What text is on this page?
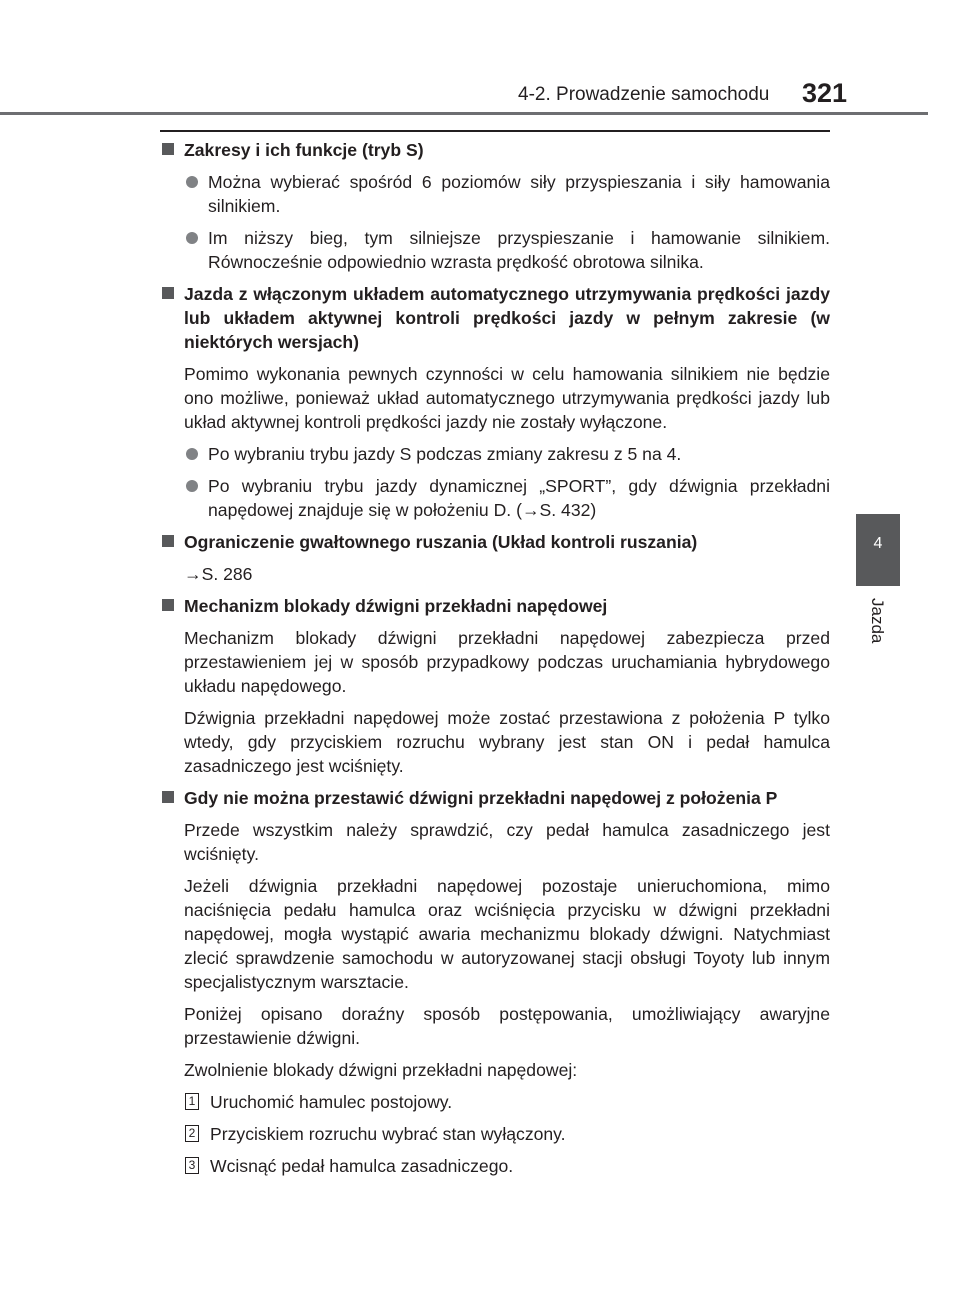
4-2. Prowadzenie samochodu 321
4
Jazda
Zakresy i ich funkcje (tryb S)
Można wybierać spośród 6 poziomów siły przyspieszania i siły hamowania silnikiem.
Im niższy bieg, tym silniejsze przyspieszanie i hamowanie silnikiem. Równocześnie odpowiednio wzrasta prędkość obrotowa silnika.
Jazda z włączonym układem automatycznego utrzymywania prędkości jazdy lub układem aktywnej kontroli prędkości jazdy w pełnym zakresie (w niektórych wersjach)
Pomimo wykonania pewnych czynności w celu hamowania silnikiem nie będzie ono możliwe, ponieważ układ automatycznego utrzymywania prędkości jazdy lub układ aktywnej kontroli prędkości jazdy nie zostały wyłączone.
Po wybraniu trybu jazdy S podczas zmiany zakresu z 5 na 4.
Po wybraniu trybu jazdy dynamicznej „SPORT”, gdy dźwignia przekładni napędowej znajduje się w położeniu D. (→S. 432)
Ograniczenie gwałtownego ruszania (Układ kontroli ruszania)
→S. 286
Mechanizm blokady dźwigni przekładni napędowej
Mechanizm blokady dźwigni przekładni napędowej zabezpiecza przed przestawieniem jej w sposób przypadkowy podczas uruchamiania hybrydowego układu napędowego.
Dźwignia przekładni napędowej może zostać przestawiona z położenia P tylko wtedy, gdy przyciskiem rozruchu wybrany jest stan ON i pedał hamulca zasadniczego jest wciśnięty.
Gdy nie można przestawić dźwigni przekładni napędowej z położenia P
Przede wszystkim należy sprawdzić, czy pedał hamulca zasadniczego jest wciśnięty.
Jeżeli dźwignia przekładni napędowej pozostaje unieruchomiona, mimo naciśnięcia pedału hamulca oraz wciśnięcia przycisku w dźwigni przekładni napędowej, mogła wystąpić awaria mechanizmu blokady dźwigni. Natychmiast zlecić sprawdzenie samochodu w autoryzowanej stacji obsługi Toyoty lub innym specjalistycznym warsztacie.
Poniżej opisano doraźny sposób postępowania, umożliwiający awaryjne przestawienie dźwigni.
Zwolnienie blokady dźwigni przekładni napędowej:
1 Uruchomić hamulec postojowy.
2 Przyciskiem rozruchu wybrać stan wyłączony.
3 Wcisnąć pedał hamulca zasadniczego.
